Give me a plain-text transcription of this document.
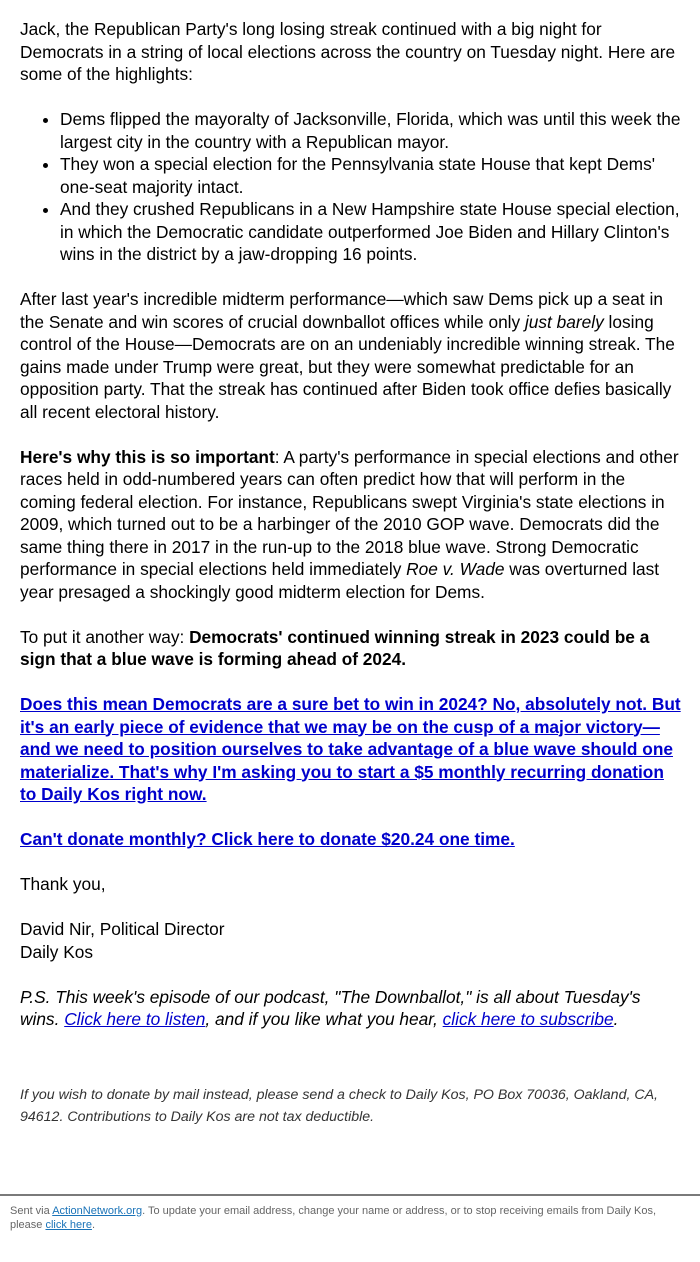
Jack, the Republican Party's long losing streak continued with a big night for Democrats in a string of local elections across the country on Tuesday night. Here are some of the highlights:

• Dems flipped the mayoralty of Jacksonville, Florida, which was until this week the largest city in the country with a Republican mayor.
• They won a special election for the Pennsylvania state House that kept Dems' one-seat majority intact.
• And they crushed Republicans in a New Hampshire state House special election, in which the Democratic candidate outperformed Joe Biden and Hillary Clinton's wins in the district by a jaw-dropping 16 points.

After last year's incredible midterm performance—which saw Dems pick up a seat in the Senate and win scores of crucial downballot offices while only just barely losing control of the House—Democrats are on an undeniably incredible winning streak. The gains made under Trump were great, but they were somewhat predictable for an opposition party. That the streak has continued after Biden took office defies basically all recent electoral history.

Here's why this is so important: A party's performance in special elections and other races held in odd-numbered years can often predict how that will perform in the coming federal election. For instance, Republicans swept Virginia's state elections in 2009, which turned out to be a harbinger of the 2010 GOP wave. Democrats did the same thing there in 2017 in the run-up to the 2018 blue wave. Strong Democratic performance in special elections held immediately Roe v. Wade was overturned last year presaged a shockingly good midterm election for Dems.

To put it another way: Democrats' continued winning streak in 2023 could be a sign that a blue wave is forming ahead of 2024.

Does this mean Democrats are a sure bet to win in 2024? No, absolutely not. But it's an early piece of evidence that we may be on the cusp of a major victory—and we need to position ourselves to take advantage of a blue wave should one materialize. That's why I'm asking you to start a $5 monthly recurring donation to Daily Kos right now.

Can't donate monthly? Click here to donate $20.24 one time.

Thank you,

David Nir, Political Director
Daily Kos

P.S. This week's episode of our podcast, "The Downballot," is all about Tuesday's wins. Click here to listen, and if you like what you hear, click here to subscribe.

If you wish to donate by mail instead, please send a check to Daily Kos, PO Box 70036, Oakland, CA, 94612. Contributions to Daily Kos are not tax deductible.
Sent via ActionNetwork.org. To update your email address, change your name or address, or to stop receiving emails from Daily Kos, please click here.
